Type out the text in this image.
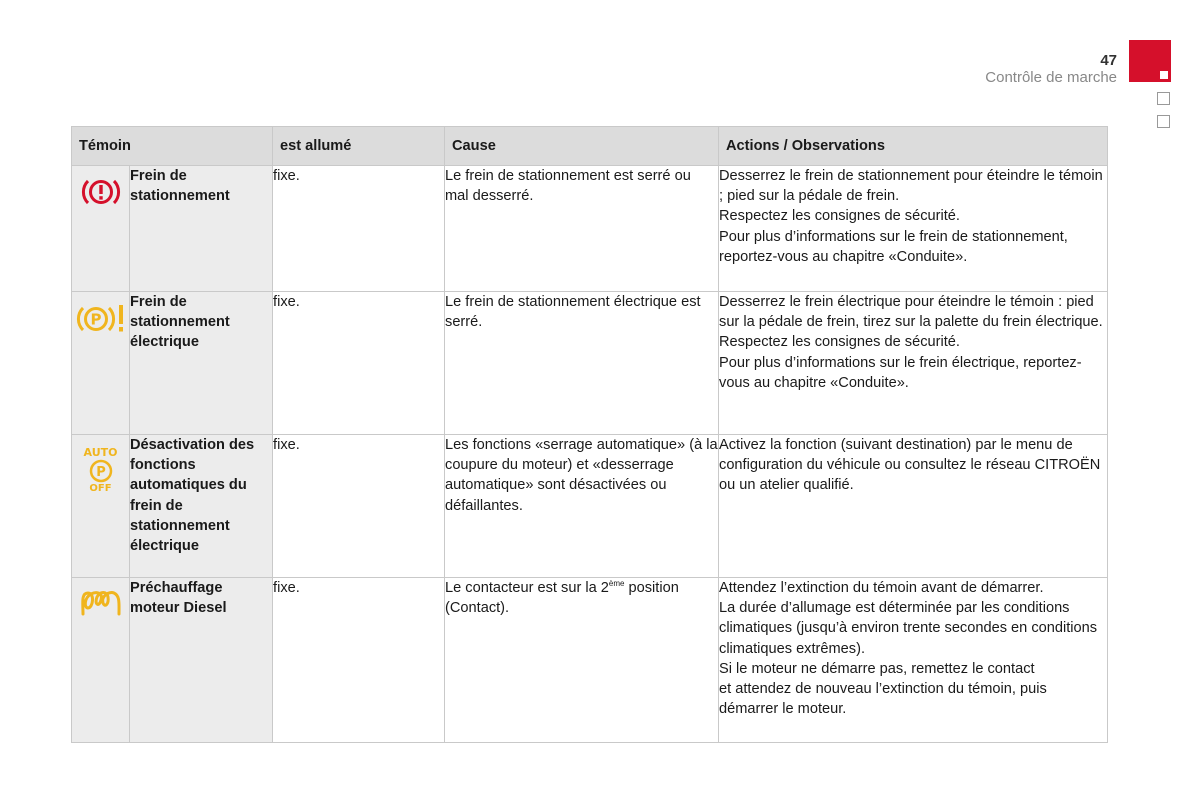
47
Contrôle de marche
Témoin		est allumé	Cause	Actions / Observations

	Frein de stationnement	fixe.	Le frein de stationnement est serré ou mal desserré.	Desserrez le frein de stationnement pour éteindre le témoin ; pied sur la pédale de frein.
Respectez les consignes de sécurité.
Pour plus d’informations sur le frein de stationnement, reportez-vous au chapitre «Conduite».

P	Frein de stationnement électrique	fixe.	Le frein de stationnement électrique est serré.	Desserrez le frein électrique pour éteindre le témoin : pied sur la pédale de frein, tirez sur la palette du frein électrique.
Respectez les consignes de sécurité.
Pour plus d’informations sur le frein électrique, reportez-vous au chapitre «Conduite».

AUTO
P
OFF	Désactivation des fonctions automatiques du frein de stationnement électrique	fixe.	Les fonctions «serrage automatique» (à la coupure du moteur) et «desserrage automatique» sont désactivées ou défaillantes.	Activez la fonction (suivant destination) par le menu de configuration du véhicule ou consultez le réseau CITROËN ou un atelier qualifié.

	Préchauffage moteur Diesel	fixe.	Le contacteur est sur la 2ème position (Contact).	Attendez l’extinction du témoin avant de démarrer.
La durée d’allumage est déterminée par les conditions climatiques (jusqu’à environ trente secondes en conditions climatiques extrêmes).
Si le moteur ne démarre pas, remettez le contact
et attendez de nouveau l’extinction du témoin, puis démarrer le moteur.
